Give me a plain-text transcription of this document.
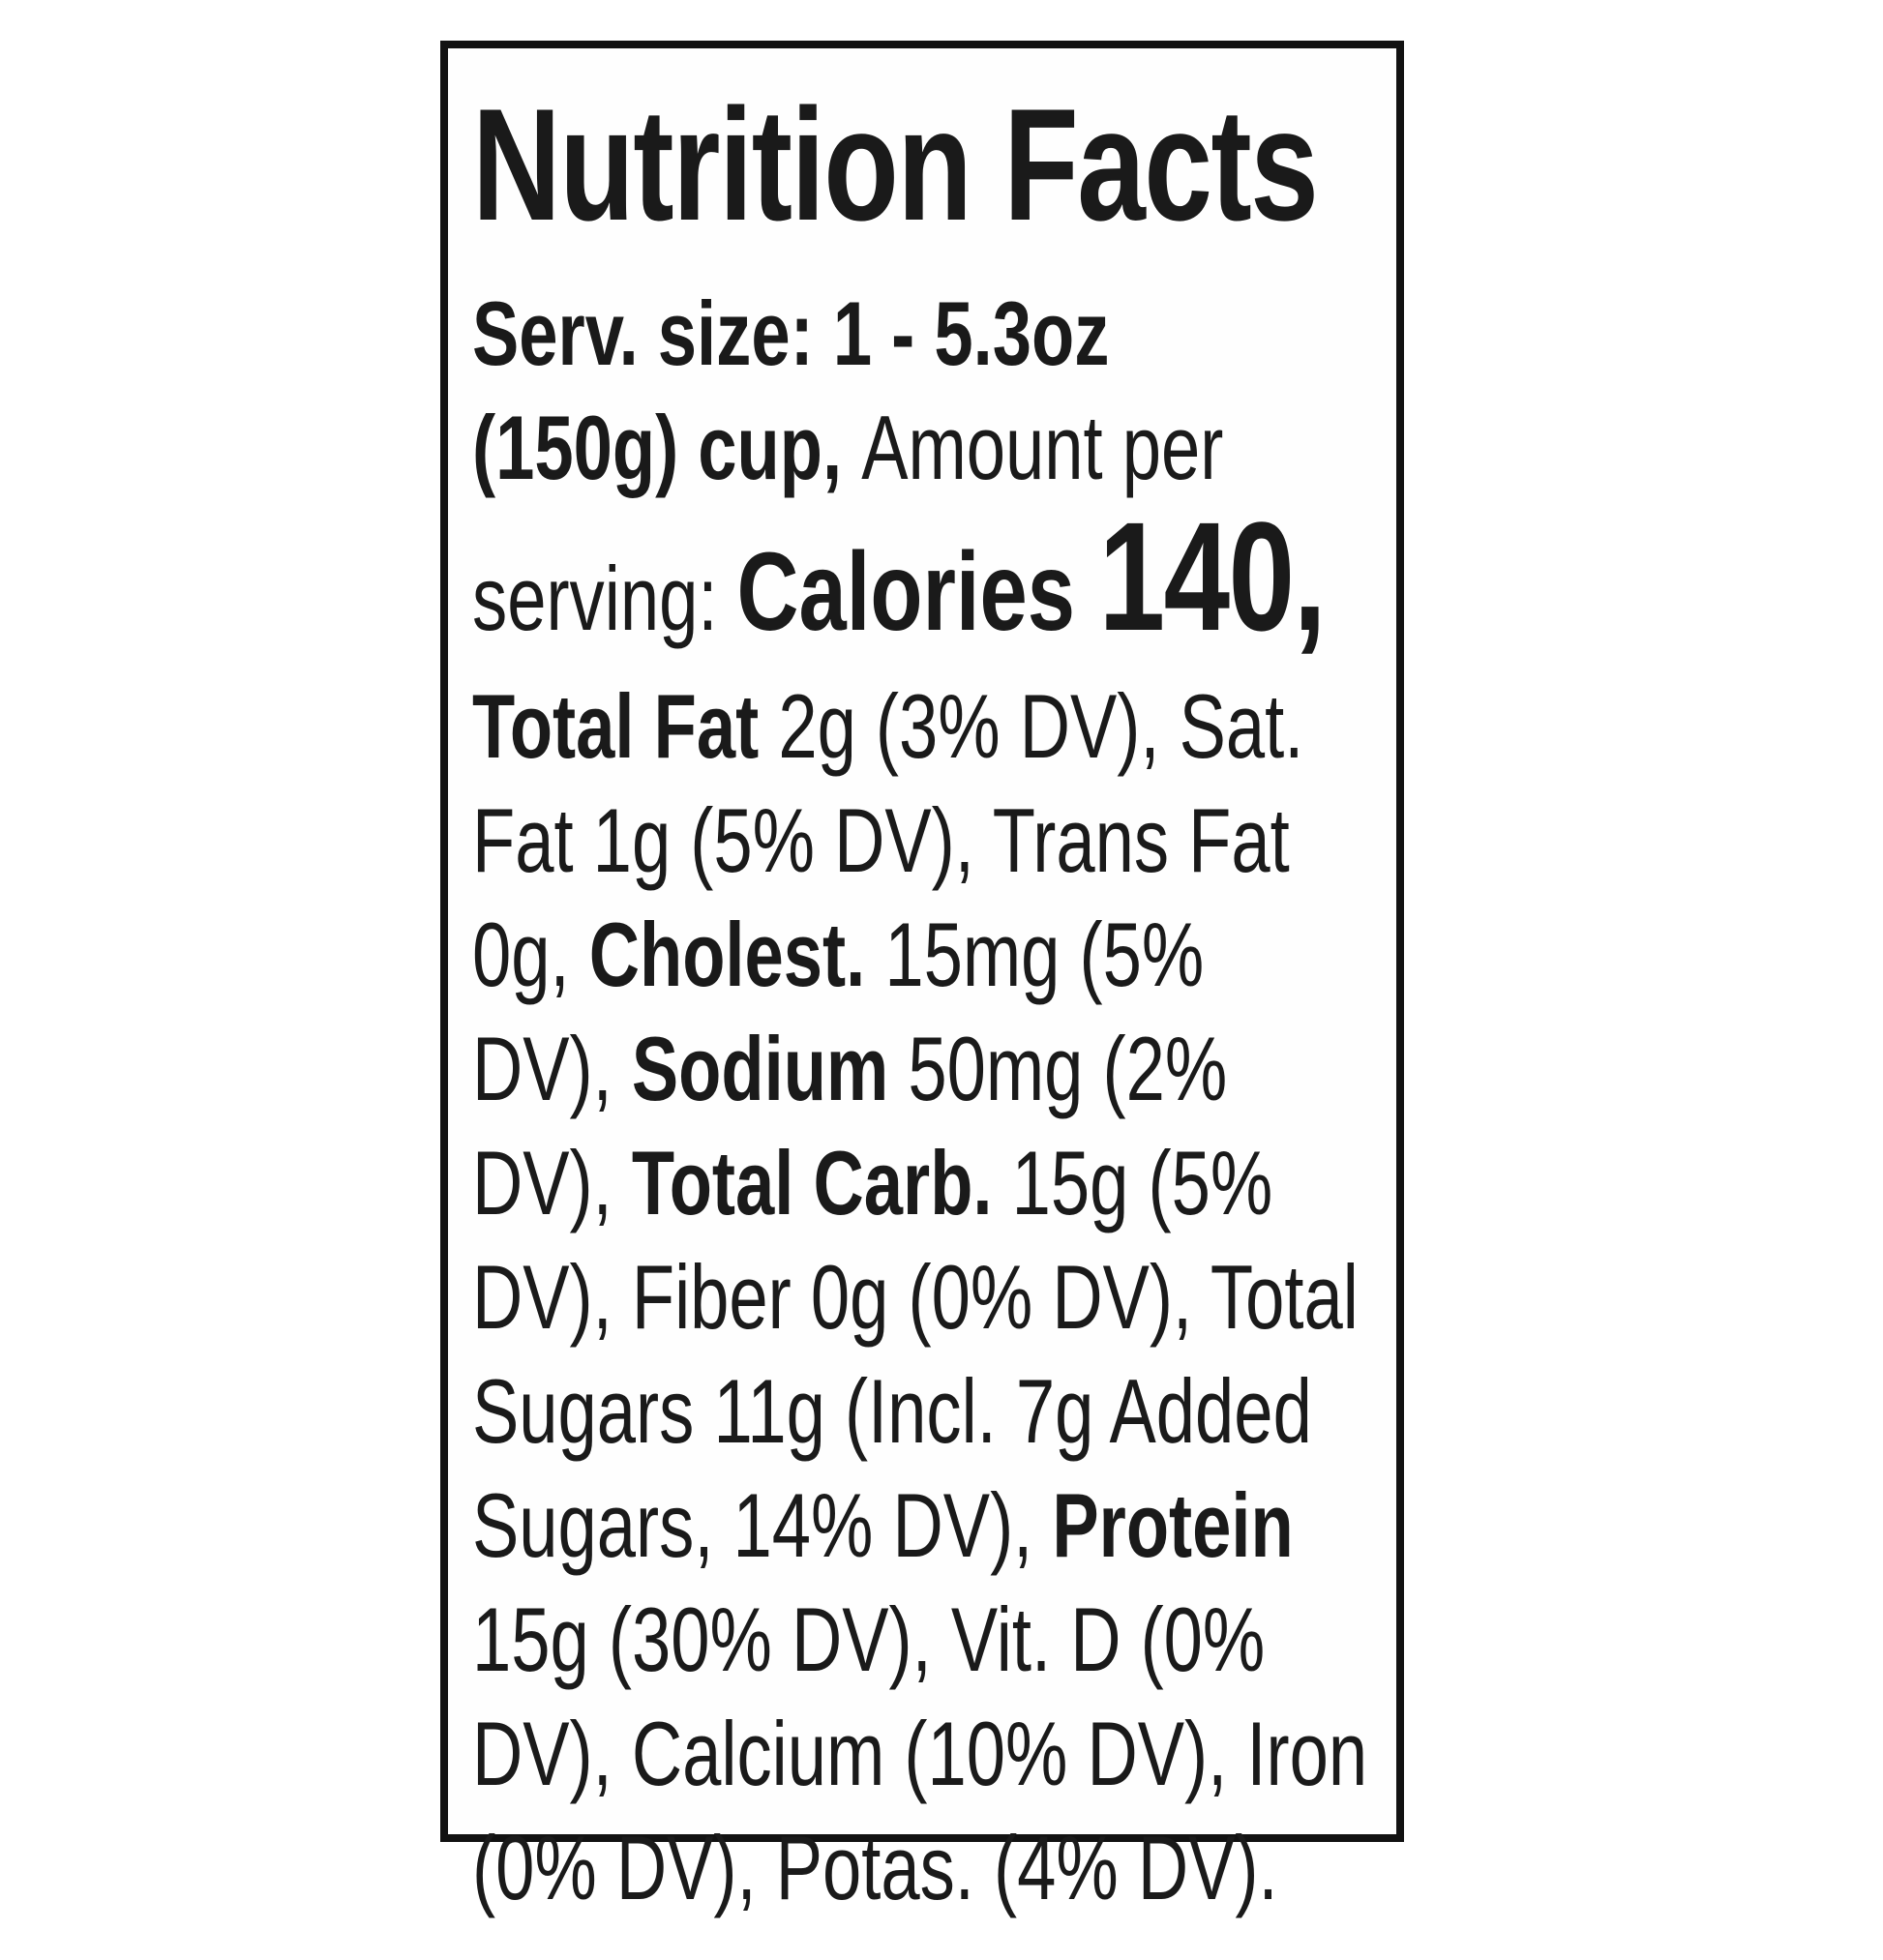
Nutrition Facts

Serv. size: 1 - 5.3oz
(150g) cup, Amount per
serving: Calories 140,
Total Fat 2g (3% DV), Sat.
Fat 1g (5% DV), Trans Fat
0g, Cholest. 15mg (5%
DV), Sodium 50mg (2%
DV), Total Carb. 15g (5%
DV), Fiber 0g (0% DV), Total
Sugars 11g (Incl. 7g Added
Sugars, 14% DV), Protein
15g (30% DV), Vit. D (0%
DV), Calcium (10% DV), Iron
(0% DV), Potas. (4% DV).
